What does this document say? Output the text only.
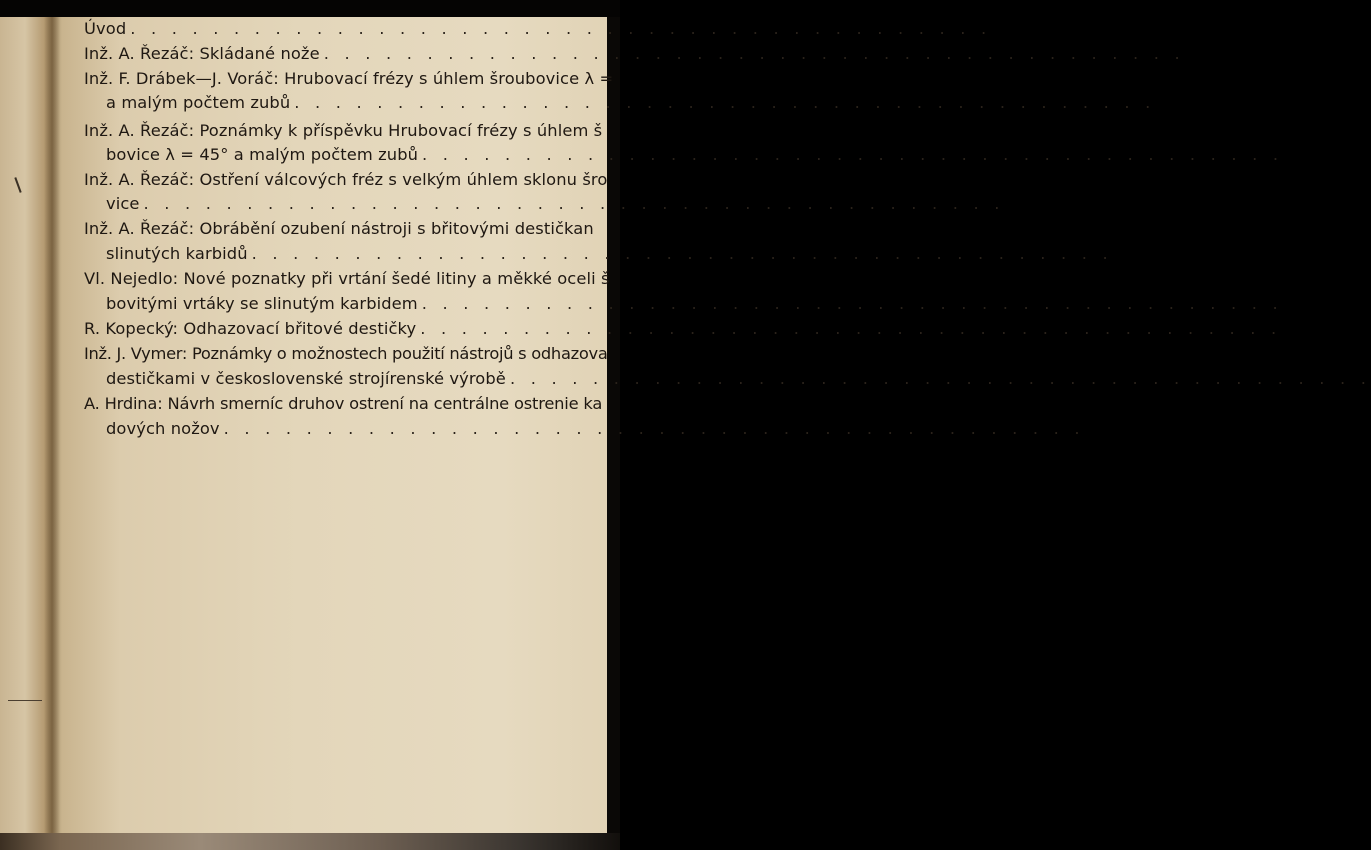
Úvod . . . . . . . . . . . . . . . . . . . . . . . . . . . . . . . . . . . . . . . . . .
Inž. A. Řezáč: Skládané nože . . . . . . . . . . . . . . . . . . . . . . . . . . . . . . . . . . . . . . . . . .
Inž. F. Drábek—J. Voráč: Hrubovací frézy s úhlem šroubovice λ =
a malým počtem zubů . . . . . . . . . . . . . . . . . . . . . . . . . . . . . . . . . . . . . . . . . .
Inž. A. Řezáč: Poznámky k příspěvku Hrubovací frézy s úhlem š
bovice λ = 45° a malým počtem zubů . . . . . . . . . . . . . . . . . . . . . . . . . . . . . . . . . . . . . . . . . .
Inž. A. Řezáč: Ostření válcových fréz s velkým úhlem sklonu šro
vice . . . . . . . . . . . . . . . . . . . . . . . . . . . . . . . . . . . . . . . . . .
Inž. A. Řezáč: Obrábění ozubení nástroji s břitovými destičkan
slinutých karbidů . . . . . . . . . . . . . . . . . . . . . . . . . . . . . . . . . . . . . . . . . .
Vl. Nejedlo: Nové poznatky při vrtání šedé litiny a měkké oceli š
bovitými vrtáky se slinutým karbidem . . . . . . . . . . . . . . . . . . . . . . . . . . . . . . . . . . . . . . . . . .
R. Kopecký: Odhazovací břitové destičky . . . . . . . . . . . . . . . . . . . . . . . . . . . . . . . . . . . . . . . . . .
Inž. J. Vymer: Poznámky o možnostech použití nástrojů s odhazova
destičkami v československé strojírenské výrobě . . . . . . . . . . . . . . . . . . . . . . . . . . . . . . . . . . . . . . . . . .
A. Hrdina: Návrh smerníc druhov ostrení na centrálne ostrenie ka
dových nožov . . . . . . . . . . . . . . . . . . . . . . . . . . . . . . . . . . . . . . . . . .
